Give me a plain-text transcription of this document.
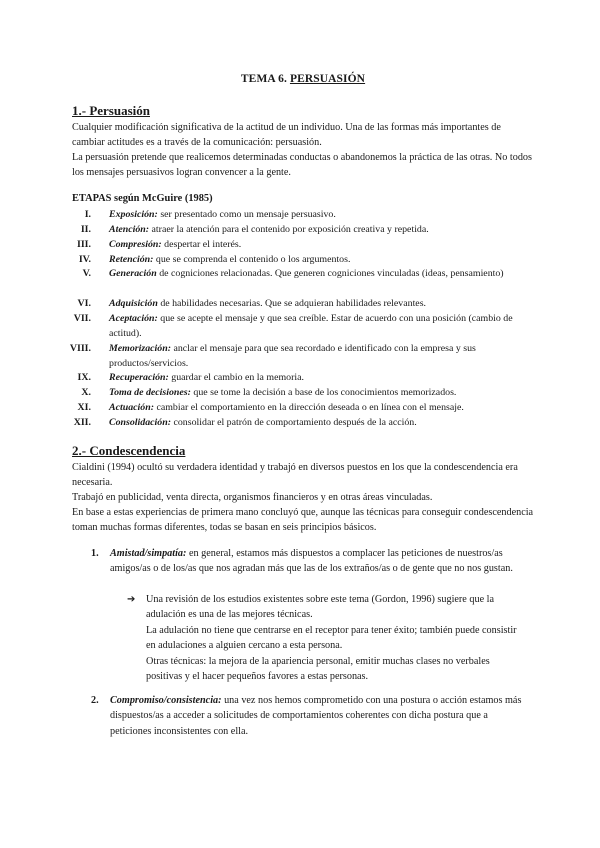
TEMA 6. PERSUASIÓN
1.- Persuasión
Cualquier modificación significativa de la actitud de un individuo. Una de las formas más importantes de cambiar actitudes es a través de la comunicación: persuasión.
La persuasión pretende que realicemos determinadas conductas o abandonemos la práctica de las otras. No todos los mensajes persuasivos logran convencer a la gente.
ETAPAS según McGuire (1985)
I. Exposición: ser presentado como un mensaje persuasivo.
II. Atención: atraer la atención para el contenido por exposición creativa y repetida.
III. Compresión: despertar el interés.
IV. Retención: que se comprenda el contenido o los argumentos.
V. Generación de cogniciones relacionadas. Que generen cogniciones vinculadas (ideas, pensamiento)
VI. Adquisición de habilidades necesarias. Que se adquieran habilidades relevantes.
VII. Aceptación: que se acepte el mensaje y que sea creíble. Estar de acuerdo con una posición (cambio de actitud).
VIII. Memorización: anclar el mensaje para que sea recordado e identificado con la empresa y sus productos/servicios.
IX. Recuperación: guardar el cambio en la memoria.
X. Toma de decisiones: que se tome la decisión a base de los conocimientos memorizados.
XI. Actuación: cambiar el comportamiento en la dirección deseada o en línea con el mensaje.
XII. Consolidación: consolidar el patrón de comportamiento después de la acción.
2.- Condescendencia
Cialdini (1994) ocultó su verdadera identidad y trabajó en diversos puestos en los que la condescendencia era necesaria.
Trabajó en publicidad, venta directa, organismos financieros y en otras áreas vinculadas.
En base a estas experiencias de primera mano concluyó que, aunque las técnicas para conseguir condescendencia toman muchas formas diferentes, todas se basan en seis principios básicos.
1. Amistad/simpatía: en general, estamos más dispuestos a complacer las peticiones de nuestros/as amigos/as o de los/as que nos agradan más que las de los extraños/as o de gente que no nos gustan.
➔ Una revisión de los estudios existentes sobre este tema (Gordon, 1996) sugiere que la adulación es una de las mejores técnicas.
La adulación no tiene que centrarse en el receptor para tener éxito; también puede consistir en adulaciones a alguien cercano a esta persona.
Otras técnicas: la mejora de la apariencia personal, emitir muchas clases no verbales positivas y el hacer pequeños favores a estas personas.
2. Compromiso/consistencia: una vez nos hemos comprometido con una postura o acción estamos más dispuestos/as a acceder a solicitudes de comportamientos coherentes con dicha postura que a peticiones inconsistentes con ella.
